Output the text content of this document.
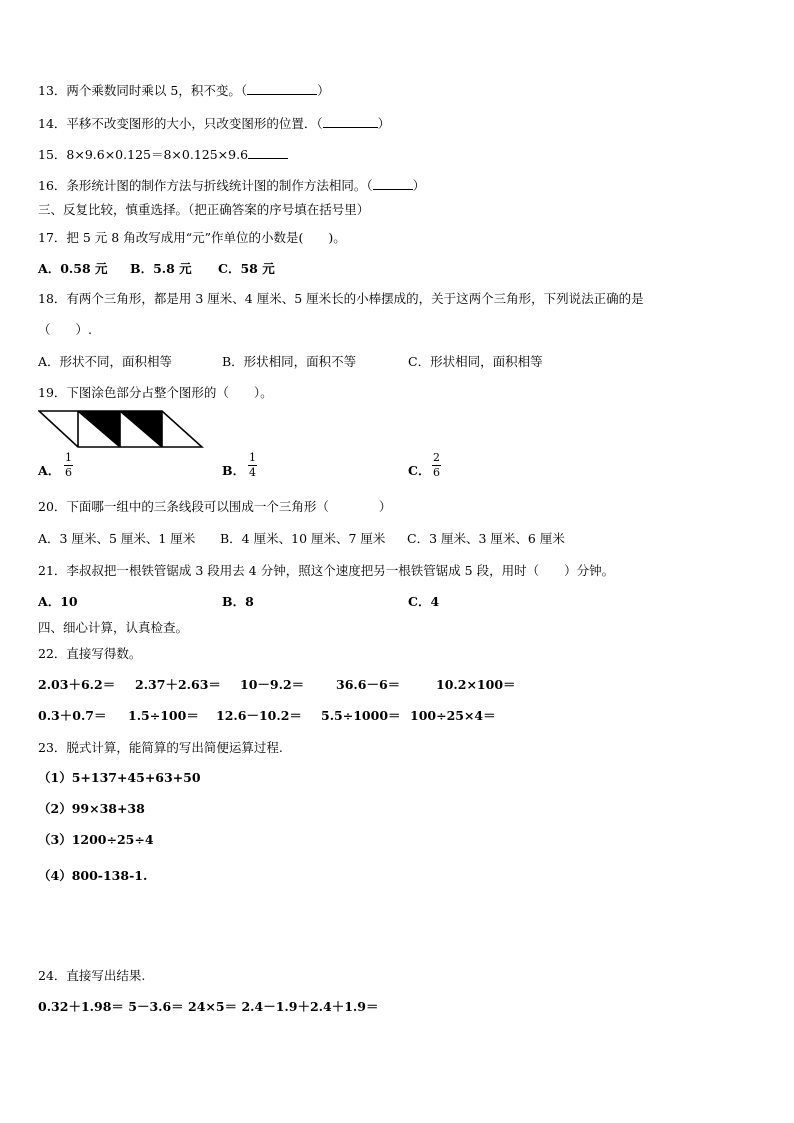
13．两个乘数同时乘以 5，积不变。（	）
14．平移不改变图形的大小，只改变图形的位置．（	）
15．8×9.6×0.125＝8×0.125×9.6
16．条形统计图的制作方法与折线统计图的制作方法相同。（	）
三、反复比较，慎重选择。（把正确答案的序号填在括号里）
17．把 5 元 8 角改写成用“元”作单位的小数是(　　)。
A．0.58 元 B．5.8 元 C．58 元
18．有两个三角形，都是用 3 厘米、4 厘米、5 厘米长的小棒摆成的，关于这两个三角形，下列说法正确的是
（　　）.
A．形状不同，面积相等	B．形状相同，面积不等	C．形状相同，面积相等
19．下图涂色部分占整个图形的（　　）。
A．
1
6	B．
1
4	C．
2
6
20．下面哪一组中的三条线段可以围成一个三角形（　　　　）
A．3 厘米、5 厘米、1 厘米 B．4 厘米、10 厘米、7 厘米 C．3 厘米、3 厘米、6 厘米
21．李叔叔把一根铁管锯成 3 段用去 4 分钟，照这个速度把另一根铁管锯成 5 段，用时（　　）分钟。
A．10	B．8	C．4
四、细心计算，认真检查。
22．直接写得数。
2.03＋6.2＝ 2.37＋2.63＝ 10－9.2＝	36.6－6＝	10.2×100＝
0.3＋0.7＝ 1.5÷100＝ 12.6－10.2＝ 5.5÷1000＝ 100÷25×4＝
23．脱式计算，能简算的写出简便运算过程.
（1）5+137+45+63+50
（2）99×38+38
（3）1200÷25÷4
（4）800-138-1.
24．直接写出结果.
0.32＋1.98＝ 5－3.6＝ 24×5＝ 2.4－1.9＋2.4＋1.9＝
